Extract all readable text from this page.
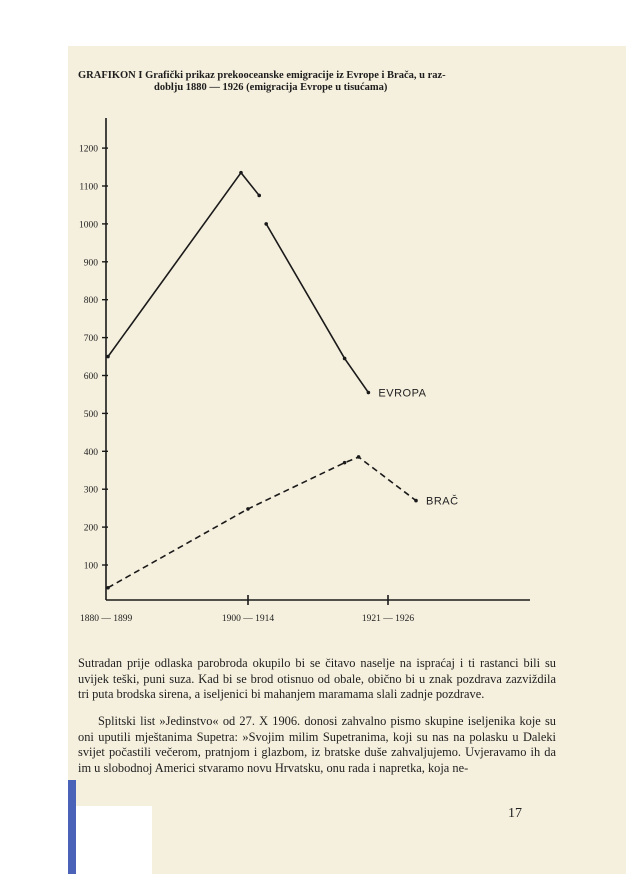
GRAFIKON I Grafički prikaz prekooceanske emigracije iz Evrope i Brača, u raz-
doblju 1880 — 1926 (emigracija Evrope u tisućama)
100
200
300
400
500
600
700
800
900
1000
1100
1200
1880 — 1899	1900 — 1914	1921 — 1926
EVROPA
BRAČ
Sutradan prije odlaska parobroda okupilo bi se čitavo naselje na ispraćaj i ti rastanci bili su uvijek teški, puni suza. Kad bi se brod otisnuo od obale, obično bi u znak pozdrava zazviždila tri puta brodska sirena, a iseljenici bi mahanjem maramama slali zadnje pozdrave.
Splitski list »Jedinstvo« od 27. X 1906. donosi zahvalno pismo skupine iseljenika koje su oni uputili mještanima Supetra: »Svojim milim Supetranima, koji su nas na polasku u Daleki svijet počastili večerom, pratnjom i glazbom, iz bratske duše zahvaljujemo. Uvjeravamo ih da im u slobodnoj Americi stvaramo novu Hrvatsku, onu rada i napretka, koja ne-
17
